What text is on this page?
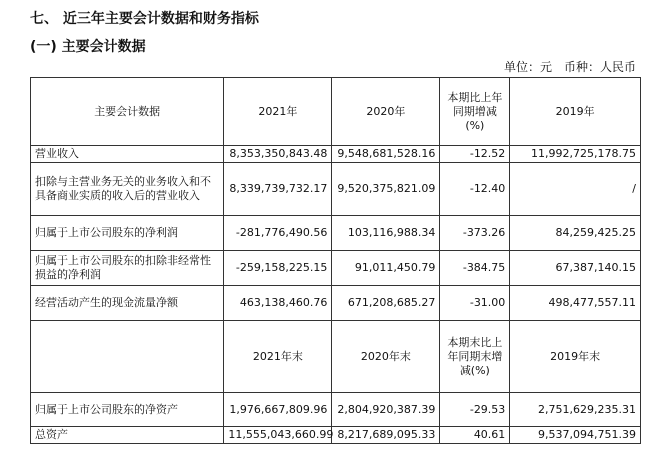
七、 近三年主要会计数据和财务指标
(一) 主要会计数据
单位：元 币种：人民币
主要会计数据	2021年	2020年	本期比上年同期增减(%)	2019年
营业收入	8,353,350,843.48	9,548,681,528.16	-12.52	11,992,725,178.75
扣除与主营业务无关的业务收入和不具备商业实质的收入后的营业收入	8,339,739,732.17	9,520,375,821.09	-12.40	/
归属于上市公司股东的净利润	-281,776,490.56	103,116,988.34	-373.26	84,259,425.25
归属于上市公司股东的扣除非经常性损益的净利润	-259,158,225.15	91,011,450.79	-384.75	67,387,140.15
经营活动产生的现金流量净额	463,138,460.76	671,208,685.27	-31.00	498,477,557.11
	2021年末	2020年末	本期末比上年同期末增减(%)	2019年末
归属于上市公司股东的净资产	1,976,667,809.96	2,804,920,387.39	-29.53	2,751,629,235.31
总资产	11,555,043,660.99	8,217,689,095.33	40.61	9,537,094,751.39
